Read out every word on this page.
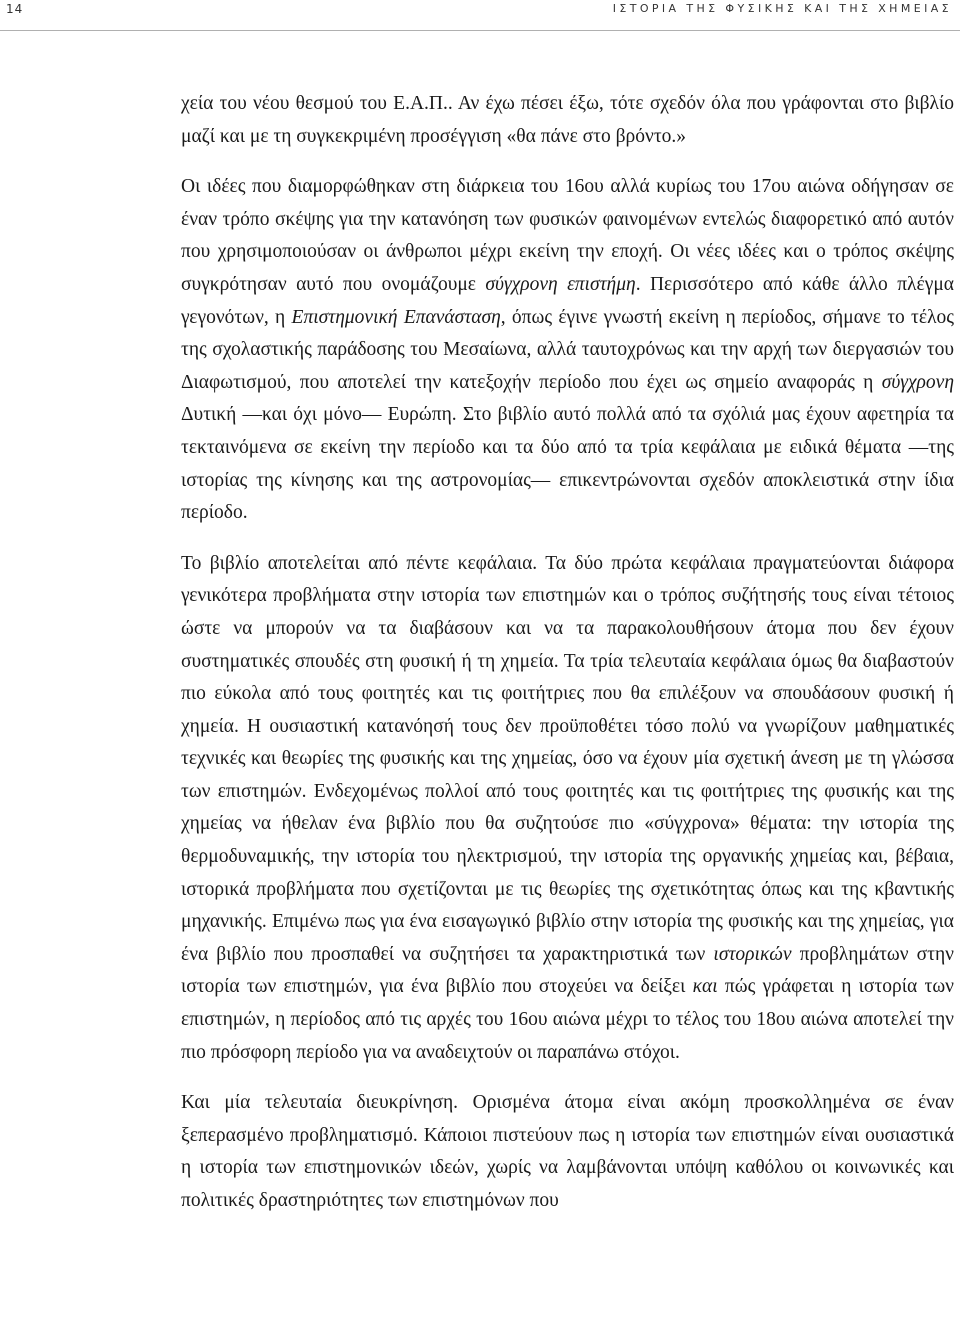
14	ΙΣΤΟΡΙΑ ΤΗΣ ΦΥΣΙΚΗΣ ΚΑΙ ΤΗΣ ΧΗΜΕΙΑΣ

χεία του νέου θεσμού του Ε.Α.Π.. Αν έχω πέσει έξω, τότε σχεδόν όλα που γράφονται στο βιβλίο μαζί και με τη συγκεκριμένη προσέγγιση «θα πάνε στο βρόντο.»

Οι ιδέες που διαμορφώθηκαν στη διάρκεια του 16ου αλλά κυρίως του 17ου αιώνα οδήγησαν σε έναν τρόπο σκέψης για την κατανόηση των φυσικών φαινομένων εντελώς διαφορετικό από αυτόν που χρησιμοποιούσαν οι άνθρωποι μέχρι εκείνη την εποχή. Οι νέες ιδέες και ο τρόπος σκέψης συγκρότησαν αυτό που ονομάζουμε σύγχρονη επιστήμη. Περισσότερο από κάθε άλλο πλέγμα γεγονότων, η Επιστημονική Επανάσταση, όπως έγινε γνωστή εκείνη η περίοδος, σήμανε το τέλος της σχολαστικής παράδοσης του Μεσαίωνα, αλλά ταυτοχρόνως και την αρχή των διεργασιών του Διαφωτισμού, που αποτελεί την κατεξοχήν περίοδο που έχει ως σημείο αναφοράς η σύγχρονη Δυτική —και όχι μόνο— Ευρώπη. Στο βιβλίο αυτό πολλά από τα σχόλιά μας έχουν αφετηρία τα τεκταινόμενα σε εκείνη την περίοδο και τα δύο από τα τρία κεφάλαια με ειδικά θέματα —της ιστορίας της κίνησης και της αστρονομίας— επικεντρώνονται σχεδόν αποκλειστικά στην ίδια περίοδο.

Το βιβλίο αποτελείται από πέντε κεφάλαια. Τα δύο πρώτα κεφάλαια πραγματεύονται διάφορα γενικότερα προβλήματα στην ιστορία των επιστημών και ο τρόπος συζήτησής τους είναι τέτοιος ώστε να μπορούν να τα διαβάσουν και να τα παρακολουθήσουν άτομα που δεν έχουν συστηματικές σπουδές στη φυσική ή τη χημεία. Τα τρία τελευταία κεφάλαια όμως θα διαβαστούν πιο εύκολα από τους φοιτητές και τις φοιτήτριες που θα επιλέξουν να σπουδάσουν φυσική ή χημεία. Η ουσιαστική κατανόησή τους δεν προϋποθέτει τόσο πολύ να γνωρίζουν μαθηματικές τεχνικές και θεωρίες της φυσικής και της χημείας, όσο να έχουν μία σχετική άνεση με τη γλώσσα των επιστημών. Ενδεχομένως πολλοί από τους φοιτητές και τις φοιτήτριες της φυσικής και της χημείας να ήθελαν ένα βιβλίο που θα συζητούσε πιο «σύγχρονα» θέματα: την ιστορία της θερμοδυναμικής, την ιστορία του ηλεκτρισμού, την ιστορία της οργανικής χημείας και, βέβαια, ιστορικά προβλήματα που σχετίζονται με τις θεωρίες της σχετικότητας όπως και της κβαντικής μηχανικής. Επιμένω πως για ένα εισαγωγικό βιβλίο στην ιστορία της φυσικής και της χημείας, για ένα βιβλίο που προσπαθεί να συζητήσει τα χαρακτηριστικά των ιστορικών προβλημάτων στην ιστορία των επιστημών, για ένα βιβλίο που στοχεύει να δείξει και πώς γράφεται η ιστορία των επιστημών, η περίοδος από τις αρχές του 16ου αιώνα μέχρι το τέλος του 18ου αιώνα αποτελεί την πιο πρόσφορη περίοδο για να αναδειχτούν οι παραπάνω στόχοι.

Και μία τελευταία διευκρίνηση. Ορισμένα άτομα είναι ακόμη προσκολλημένα σε έναν ξεπερασμένο προβληματισμό. Κάποιοι πιστεύουν πως η ιστορία των επιστημών είναι ουσιαστικά η ιστορία των επιστημονικών ιδεών, χωρίς να λαμβάνονται υπόψη καθόλου οι κοινωνικές και πολιτικές δραστηριότητες των επιστημόνων που
